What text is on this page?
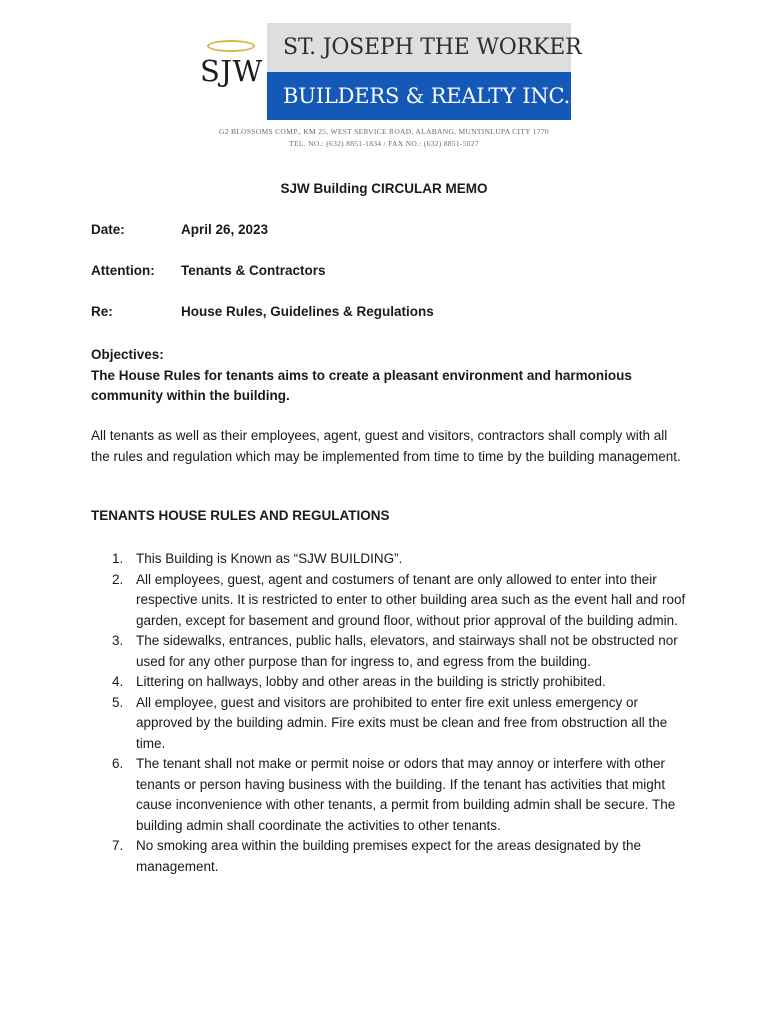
SJW
ST. JOSEPH THE WORKER
BUILDERS & REALTY INC.
G2 BLOSSOMS COMP., KM 25, WEST SERVICE ROAD, ALABANG, MUNTINLUPA CITY 1770
TEL. NO.: (632) 8851-1834 / FAX NO.: (632) 8851-5027
SJW Building CIRCULAR MEMO
Date:	April 26, 2023
Attention: Tenants & Contractors
Re:	House Rules, Guidelines & Regulations

Objectives:

The House Rules for tenants aims to create a pleasant environment and harmonious community within the building.

All tenants as well as their employees, agent, guest and visitors, contractors shall comply with all the rules and regulation which may be implemented from time to time by the building management.

TENANTS HOUSE RULES AND REGULATIONS
1. This Building is Known as “SJW BUILDING”.
2. All employees, guest, agent and costumers of tenant are only allowed to enter into their respective units. It is restricted to enter to other building area such as the event hall and roof garden, except for basement and ground floor, without prior approval of the building admin.
3. The sidewalks, entrances, public halls, elevators, and stairways shall not be obstructed nor used for any other purpose than for ingress to, and egress from the building.
4. Littering on hallways, lobby and other areas in the building is strictly prohibited.
5. All employee, guest and visitors are prohibited to enter fire exit unless emergency or approved by the building admin. Fire exits must be clean and free from obstruction all the time.
6. The tenant shall not make or permit noise or odors that may annoy or interfere with other tenants or person having business with the building. If the tenant has activities that might cause inconvenience with other tenants, a permit from building admin shall be secure. The building admin shall coordinate the activities to other tenants.
7. No smoking area within the building premises expect for the areas designated by the management.
